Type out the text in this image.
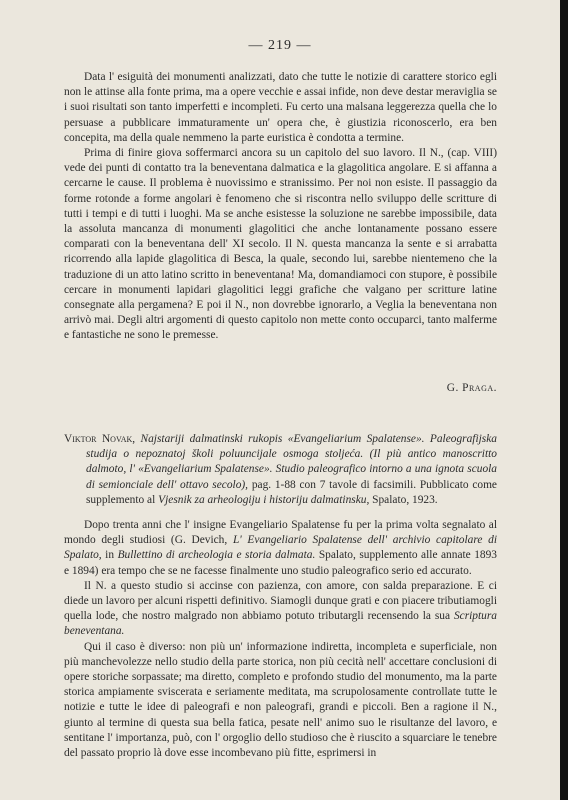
— 219 —

Data l' esiguità dei monumenti analizzati, dato che tutte le notizie di carattere storico egli non le attinse alla fonte prima, ma a opere vecchie e assai infide, non deve destar meraviglia se i suoi risultati son tanto imperfetti e incompleti. Fu certo una malsana leggerezza quella che lo persuase a pubblicare immaturamente un' opera che, è giustizia riconoscerlo, era ben concepita, ma della quale nemmeno la parte euristica è condotta a termine.

Prima di finire giova soffermarci ancora su un capitolo del suo lavoro. Il N., (cap. VIII) vede dei punti di contatto tra la beneventana dalmatica e la glagolitica angolare. E si affanna a cercarne le cause. Il problema è nuovissimo e stranissimo. Per noi non esiste. Il passaggio da forme rotonde a forme angolari è fenomeno che si riscontra nello sviluppo delle scritture di tutti i tempi e di tutti i luoghi. Ma se anche esistesse la soluzione ne sarebbe impossibile, data la assoluta mancanza di monumenti glagolitici che anche lontanamente possano essere comparati con la beneventana dell' XI secolo. Il N. questa mancanza la sente e si arrabatta ricorrendo alla lapide glagolitica di Besca, la quale, secondo lui, sarebbe nientemeno che la traduzione di un atto latino scritto in beneventana! Ma, domandiamoci con stupore, è possibile cercare in monumenti lapidari glagolitici leggi grafiche che valgano per scritture latine consegnate alla pergamena? E poi il N., non dovrebbe ignorarlo, a Veglia la beneventana non arrivò mai. Degli altri argomenti di questo capitolo non mette conto occuparci, tanto malferme e fantastiche ne sono le premesse.

G. Praga.

Viktor Novak, Najstariji dalmatinski rukopis «Evangeliarium Spalatense». Paleografijska studija o nepoznatoj školi poluuncijale osmoga stoljeća. (Il più antico manoscritto dalmoto, l' «Evangeliarium Spalatense». Studio paleografico intorno a una ignota scuola di semionciale dell' ottavo secolo), pag. 1-88 con 7 tavole di facsimili. Pubblicato come supplemento al Vjesnik za arheologiju i historiju dalmatinsku, Spalato, 1923.

Dopo trenta anni che l' insigne Evangeliario Spalatense fu per la prima volta segnalato al mondo degli studiosi (G. Devich, L' Evangeliario Spalatense dell' archivio capitolare di Spalato, in Bullettino di archeologia e storia dalmata. Spalato, supplemento alle annate 1893 e 1894) era tempo che se ne facesse finalmente uno studio paleografico serio ed accurato.

Il N. a questo studio si accinse con pazienza, con amore, con salda preparazione. E ci diede un lavoro per alcuni rispetti definitivo. Siamogli dunque grati e con piacere tributiamogli quella lode, che nostro malgrado non abbiamo potuto tributargli recensendo la sua Scriptura beneventana.

Qui il caso è diverso: non più un' informazione indiretta, incompleta e superficiale, non più manchevolezze nello studio della parte storica, non più cecità nell' accettare conclusioni di opere storiche sorpassate; ma diretto, completo e profondo studio del monumento, ma la parte storica ampiamente sviscerata e seriamente meditata, ma scrupolosamente controllate tutte le notizie e tutte le idee di paleografi e non paleografi, grandi e piccoli. Ben a ragione il N., giunto al termine di questa sua bella fatica, pesate nell' animo suo le risultanze del lavoro, e sentitane l' importanza, può, con l' orgoglio dello studioso che è riuscito a squarciare le tenebre del passato proprio là dove esse incombevano più fitte, esprimersi in
